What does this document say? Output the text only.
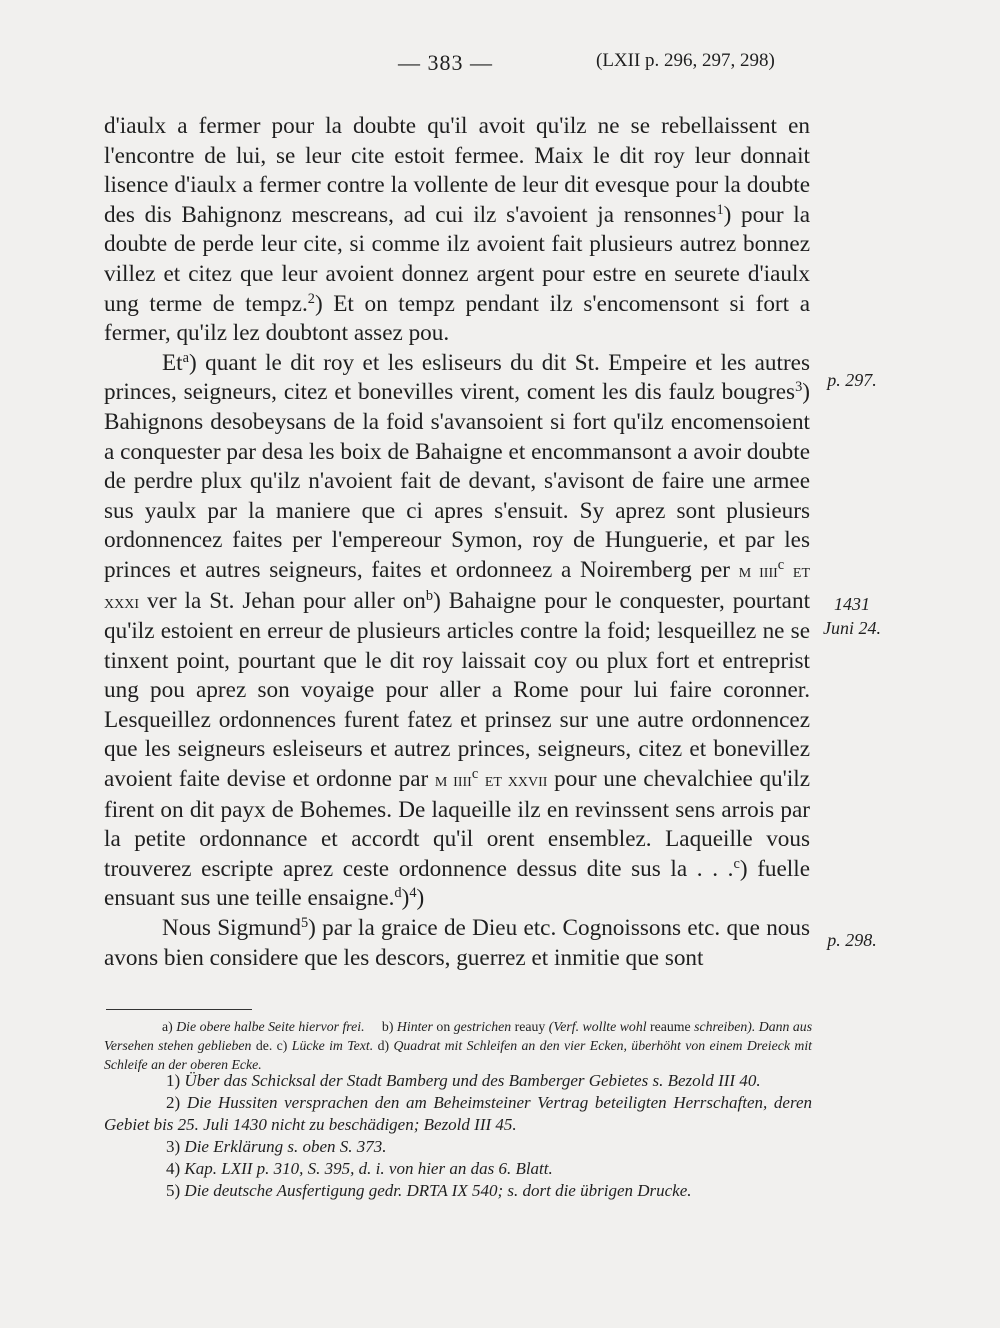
— 383 —	(LXII p. 296, 297, 298)

d'iaulx a fermer pour la doubte qu'il avoit qu'ilz ne se rebellaissent en l'encontre de lui, se leur cite estoit fermee. Maix le dit roy leur donnait lisence d'iaulx a fermer contre la vollente de leur dit evesque pour la doubte des dis Bahignonz mescreans, ad cui ilz s'avoient ja rensonnes$^1$) pour la doubte de perde leur cite, si comme ilz avoient fait plusieurs autrez bonnez villez et citez que leur avoient donnez argent pour estre en seurete d'iaulx ung terme de tempz.$^2$) Et on tempz pendant ilz s'encomensont si fort a fermer, qu'ilz lez doubtont assez pou.

Et$^a$) quant le dit roy et les esliseurs du dit St. Empeire et les autres princes, seigneurs, citez et bonevilles virent, coment les dis faulz bougres$^3$) Bahignons desobeysans de la foid s'avansoient si fort qu'ilz encomensoient a conquester par desa les boix de Bahaigne et encommansont a avoir doubte de perdre plux qu'ilz n'avoient fait de devant, s'avisont de faire une armee sus yaulx par la maniere que ci apres s'ensuit. Sy aprez sont plusieurs ordonnencez faites per l'empereour Symon, roy de Hunguerie, et par les princes et autres seigneurs, faites et ordonneez a Noiremberg per m iiii$^c$ et xxxi ver la St. Jehan pour aller $on^b$) Bahaigne pour le conquester, pourtant qu'ilz estoient en erreur de plusieurs articles contre la foid; lesqueillez ne se tinxent point, pourtant que le dit roy laissait coy ou plux fort et entreprist ung pou aprez son voyaige pour aller a Rome pour lui faire coronner. Lesqueillez ordonnences furent fatez et prinsez sur une autre ordonnencez que les seigneurs esleiseurs et autrez princes, seigneurs, citez et bonevillez avoient faite devise et ordonne par m iiii$^c$ et xxvii pour une chevalchiee qu'ilz firent on dit payx de Bohemes. De laqueille ilz en revinssent sens arrois par la petite ordonnance et accordt qu'il orent ensemblez. Laqueille vous trouverez escripte aprez ceste ordonnence dessus dite sus la . . .$^c$) fuelle ensuant sus une teille ensaigne.$^d$)$^4$)

Nous Sigmund$^5$) par la graice de Dieu etc. Cognoissons etc. que nous avons bien considere que les descors, guerrez et inmitie que sont

p. 297.
1431
Juni 24.
p. 298.

a) Die obere halbe Seite hiervor frei. b) Hinter on gestrichen reauy (Verf. wollte wohl reaume schreiben). Dann aus Versehen stehen geblieben de. c) Lücke im Text. d) Quadrat mit Schleifen an den vier Ecken, überhöht von einem Dreieck mit Schleife an der oberen Ecke.

1) Über das Schicksal der Stadt Bamberg und des Bamberger Gebietes s. Bezold III 40.

2) Die Hussiten versprachen den am Beheimsteiner Vertrag beteiligten Herrschaften, deren Gebiet bis 25. Juli 1430 nicht zu beschädigen; Bezold III 45.

3) Die Erklärung s. oben S. 373.

4) Kap. LXII p. 310, S. 395, d. i. von hier an das 6. Blatt.

5) Die deutsche Ausfertigung gedr. DRTA IX 540; s. dort die übrigen Drucke.
